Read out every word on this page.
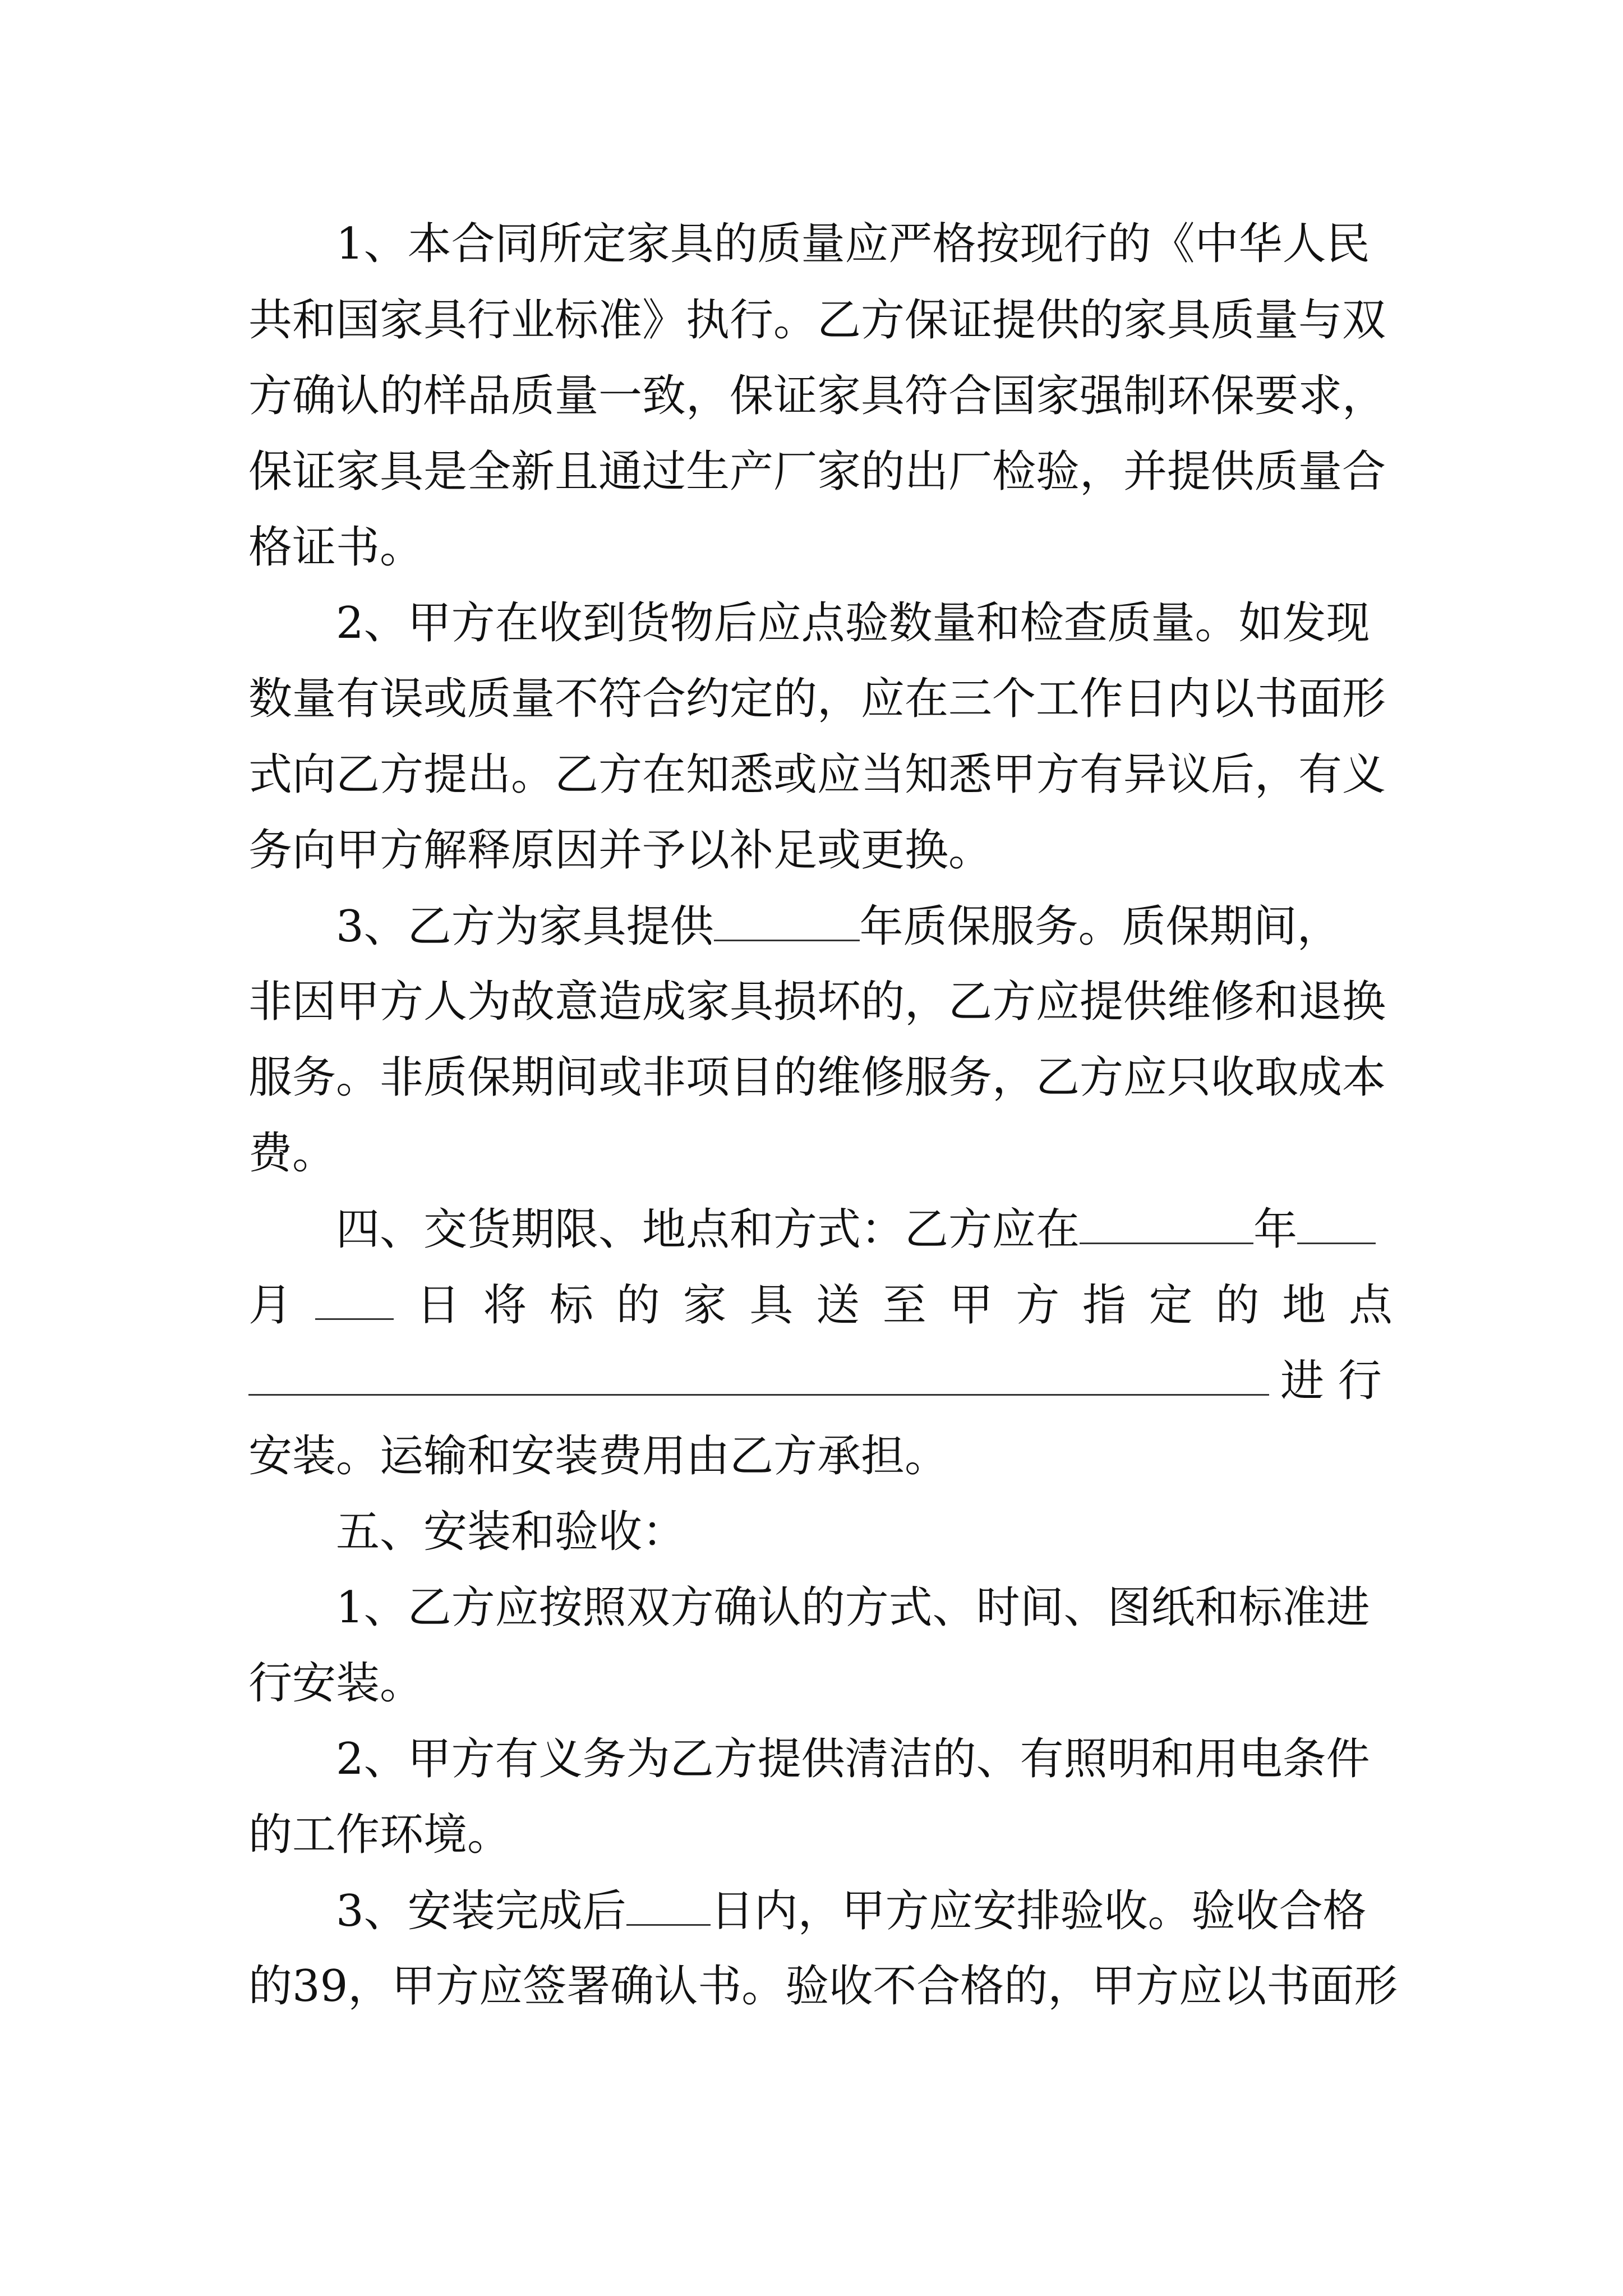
1、本合同所定家具的质量应严格按现行的《中华人民
共和国家具行业标准》执行。乙方保证提供的家具质量与双
方确认的样品质量一致，保证家具符合国家强制环保要求，
保证家具是全新且通过生产厂家的出厂检验，并提供质量合
格证书。
2、甲方在收到货物后应点验数量和检查质量。如发现
数量有误或质量不符合约定的，应在三个工作日内以书面形
式向乙方提出。乙方在知悉或应当知悉甲方有异议后，有义
务向甲方解释原因并予以补足或更换。
3、乙方为家具提供	年质保服务。质保期间，
非因甲方人为故意造成家具损坏的，乙方应提供维修和退换
服务。非质保期间或非项目的维修服务，乙方应只收取成本
费。
四、交货期限、地点和方式：乙方应在	年
月	日 将 标 的 家 具 送 至 甲 方 指 定 的 地 点
进 行
安装。运输和安装费用由乙方承担。
五、安装和验收：
1、乙方应按照双方确认的方式、时间、图纸和标准进
行安装。
2、甲方有义务为乙方提供清洁的、有照明和用电条件
的工作环境。
3、安装完成后 日内，甲方应安排验收。验收合格
的39，甲方应签署确认书。验收不合格的，甲方应以书面形
